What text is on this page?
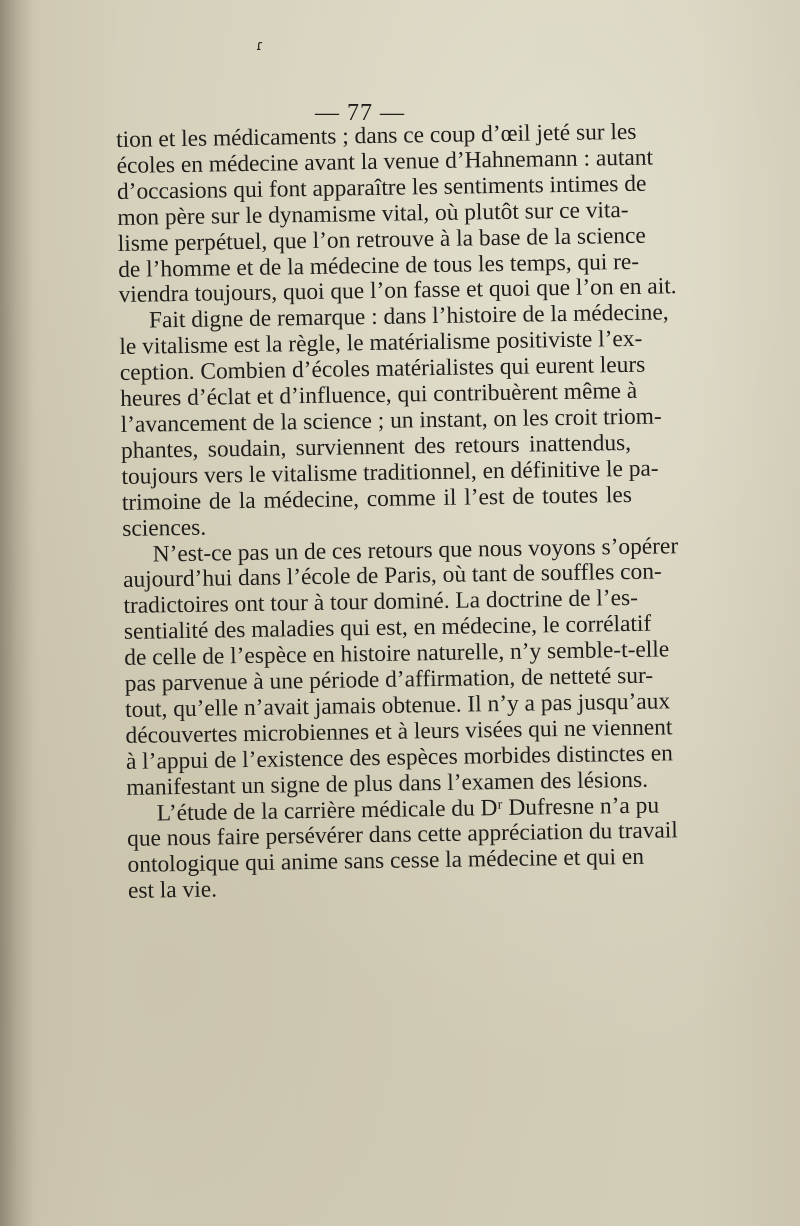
ɾ
— 77 —

tion et les médicaments ; dans ce coup d’œil jeté sur les
écoles en médecine avant la venue d’Hahnemann : autant
d’occasions qui font apparaître les sentiments intimes de
mon père sur le dynamisme vital, où plutôt sur ce vita-
lisme perpétuel, que l’on retrouve à la base de la science
de l’homme et de la médecine de tous les temps, qui re-
viendra toujours, quoi que l’on fasse et quoi que l’on en ait.

Fait digne de remarque : dans l’histoire de la médecine,
le vitalisme est la règle, le matérialisme positiviste l’ex-
ception. Combien d’écoles matérialistes qui eurent leurs
heures d’éclat et d’influence, qui contribuèrent même à
l’avancement de la science ; un instant, on les croit triom-
phantes, soudain, surviennent des retours inattendus,
toujours vers le vitalisme traditionnel, en définitive le pa-
trimoine de la médecine, comme il l’est de toutes les
sciences.

N’est-ce pas un de ces retours que nous voyons s’opérer
aujourd’hui dans l’école de Paris, où tant de souffles con-
tradictoires ont tour à tour dominé. La doctrine de l’es-
sentialité des maladies qui est, en médecine, le corrélatif
de celle de l’espèce en histoire naturelle, n’y semble-t-elle
pas parvenue à une période d’affirmation, de netteté sur-
tout, qu’elle n’avait jamais obtenue. Il n’y a pas jusqu’aux
découvertes microbiennes et à leurs visées qui ne viennent
à l’appui de l’existence des espèces morbides distinctes en
manifestant un signe de plus dans l’examen des lésions.

L’étude de la carrière médicale du Dʳ Dufresne n’a pu
que nous faire persévérer dans cette appréciation du travail
ontologique qui anime sans cesse la médecine et qui en
est la vie.
